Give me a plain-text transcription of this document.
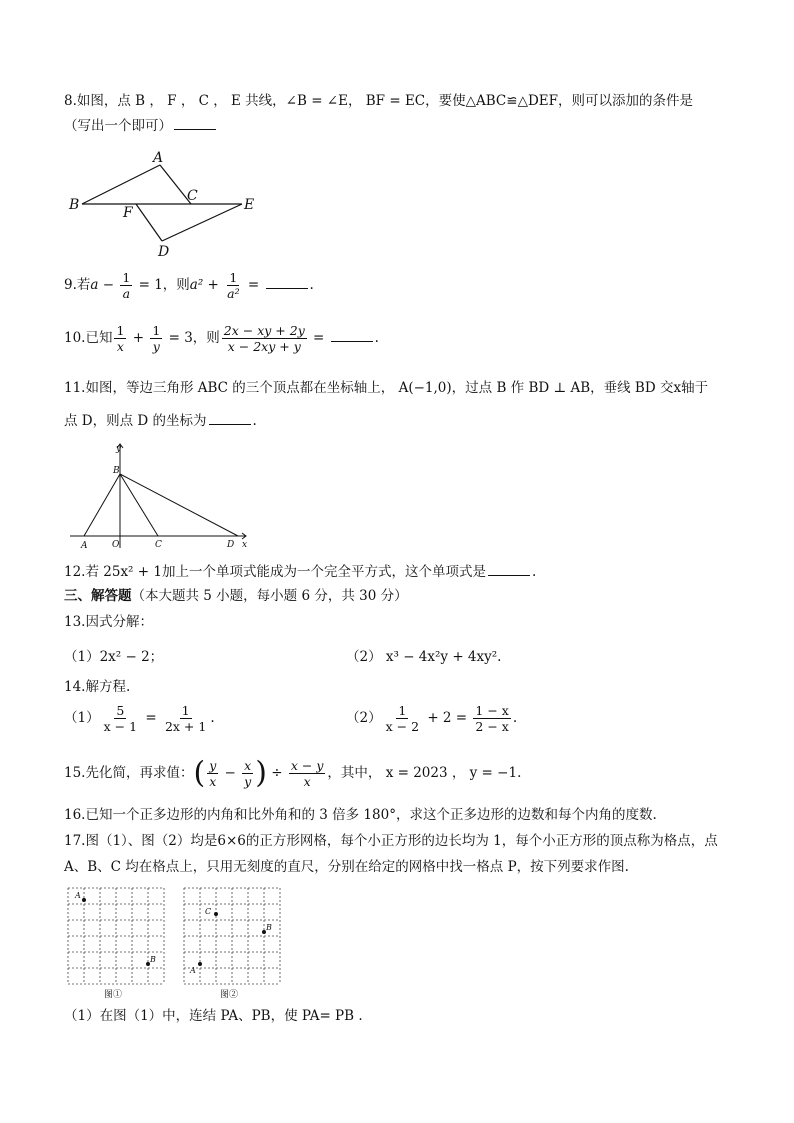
8.如图，点 B ， F ， C ， E 共线，∠B = ∠E， BF = EC，要使△ABC≌△DEF，则可以添加的条件是
（写出一个即可）
A
B
C
D
E
F
9.若$a - \frac{1}{a} = 1$，则$a^2 + \frac{1}{\text{a²}}$ =	.
10.已知 $\frac{1}{x} + \frac{1}{y} = 3$，则 $\frac{2x - xy + 2y}{x - 2xy + y}$ =	.
11.如图，等边三角形 ABC 的三个顶点都在坐标轴上， A(−1,0)，过点 B 作 BD ⊥ AB，垂线 BD 交x轴于
点 D，则点 D 的坐标为	.
y
B
A	O	C	D x
12.若 25x² + 1加上一个单项式能成为一个完全平方式，这个单项式是	.
三、解答题（本大题共 5 小题，每小题 6 分，共 30 分）
13.因式分解：
（1）2x² − 2；	（2） x³ − 4x²y + 4xy².
14.解方程.
$(1) \frac{5}{x - 1} = \frac{1}{2x + 1}$ .	$(2) \frac{1}{x - 2} + 2 = \frac{1 - x}{2 - x}$ .
15.先化简，再求值：( $\frac{y}{x} - \frac{x}{y}$ ) ÷ $\frac{x - y}{x}$ ，其中， x = 2023 ， y = −1.
16.已知一个正多边形的内角和比外角和的 3 倍多 180°，求这个正多边形的边数和每个内角的度数.
17.图（1）、图（2）均是6×6的正方形网格，每个小正方形的边长均为 1，每个小正方形的顶点称为格点，点
A、B、C 均在格点上，只用无刻度的直尺，分别在给定的网格中找一格点 P，按下列要求作图.
A
B
图①
C
B
A
图②
（1）在图（1）中，连结 PA、PB，使 PA= PB .
